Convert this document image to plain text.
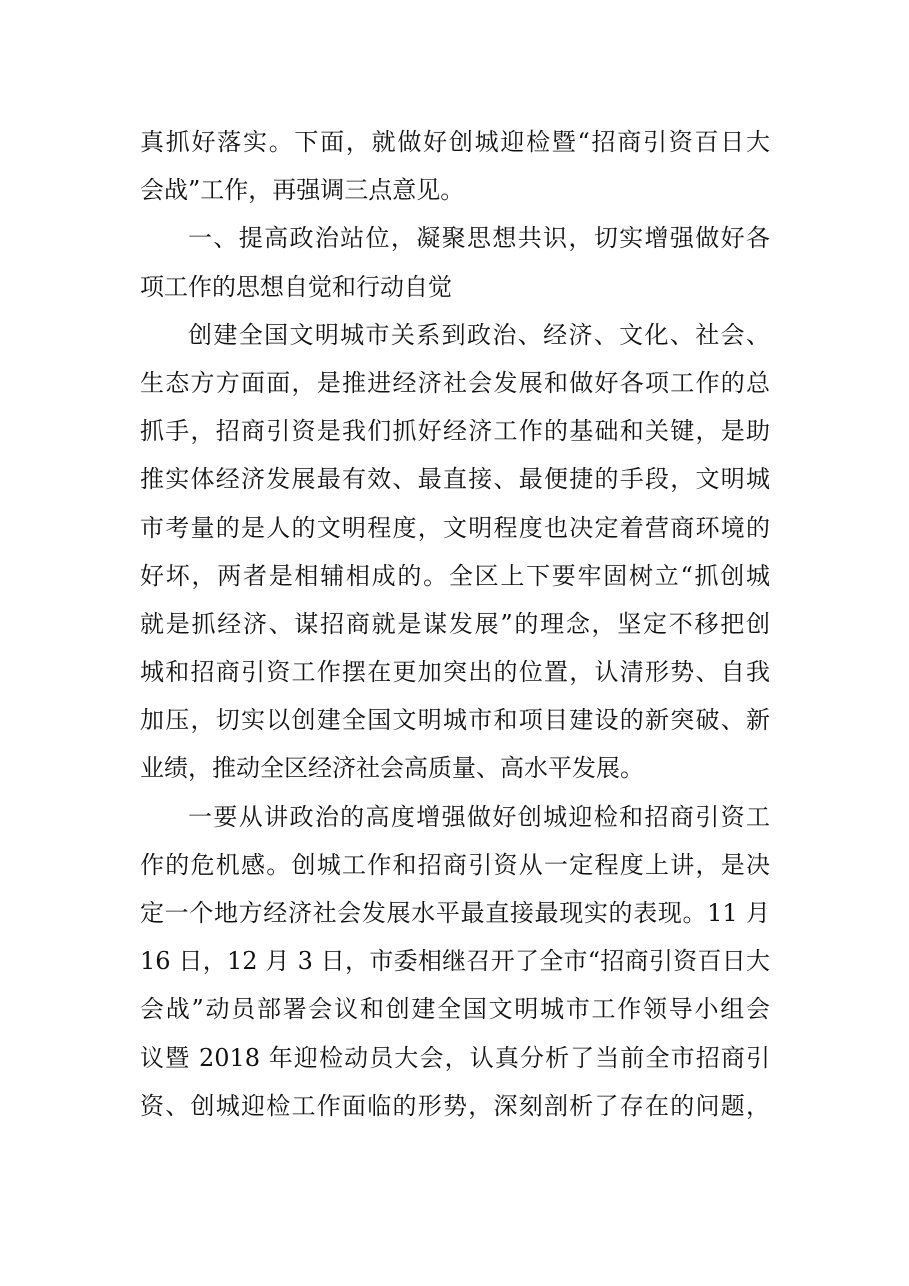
真抓好落实。下面，就做好创城迎检暨“招商引资百日大
会战”工作，再强调三点意见。
一、提高政治站位，凝聚思想共识，切实增强做好各
项工作的思想自觉和行动自觉
创建全国文明城市关系到政治、经济、文化、社会、
生态方方面面，是推进经济社会发展和做好各项工作的总
抓手，招商引资是我们抓好经济工作的基础和关键，是助
推实体经济发展最有效、最直接、最便捷的手段，文明城
市考量的是人的文明程度，文明程度也决定着营商环境的
好坏，两者是相辅相成的。全区上下要牢固树立“抓创城
就是抓经济、谋招商就是谋发展”的理念，坚定不移把创
城和招商引资工作摆在更加突出的位置，认清形势、自我
加压，切实以创建全国文明城市和项目建设的新突破、新
业绩，推动全区经济社会高质量、高水平发展。
一要从讲政治的高度增强做好创城迎检和招商引资工
作的危机感。创城工作和招商引资从一定程度上讲，是决
定一个地方经济社会发展水平最直接最现实的表现。11 月
16 日，12 月 3 日，市委相继召开了全市“招商引资百日大
会战”动员部署会议和创建全国文明城市工作领导小组会
议暨 2018 年迎检动员大会，认真分析了当前全市招商引
资、创城迎检工作面临的形势，深刻剖析了存在的问题，
